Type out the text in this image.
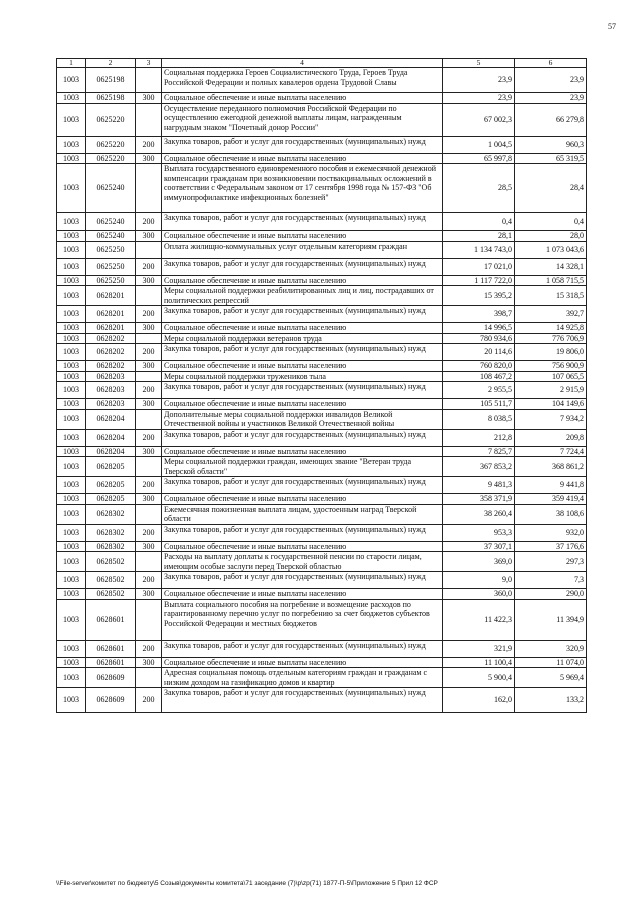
57
1	2	3	4	5	6
1003	0625198		Социальная поддержка Героев Социалистического Труда, Героев Труда Российской Федерации и полных кавалеров ордена Трудовой Славы	23,9	23,9
1003	0625198	300	Социальное обеспечение и иные выплаты населению	23,9	23,9
1003	0625220		Осуществление переданного полномочия Российской Федерации по осуществлению ежегодной денежной выплаты лицам, награжденным нагрудным знаком "Почетный донор России"	67 002,3	66 279,8
1003	0625220	200	Закупка товаров, работ и услуг для государственных (муниципальных) нужд	1 004,5	960,3
1003	0625220	300	Социальное обеспечение и иные выплаты населению	65 997,8	65 319,5
1003	0625240		Выплата государственного единовременного пособия и ежемесячной денежной компенсации гражданам при возникновении поствакцинальных осложнений в соответствии с Федеральным законом от 17 сентября 1998 года № 157-ФЗ "Об иммунопрофилактике инфекционных болезней"	28,5	28,4
1003	0625240	200	Закупка товаров, работ и услуг для государственных (муниципальных) нужд	0,4	0,4
1003	0625240	300	Социальное обеспечение и иные выплаты населению	28,1	28,0
1003	0625250		Оплата жилищно-коммунальных услуг отдельным категориям граждан	1 134 743,0	1 073 043,6
1003	0625250	200	Закупка товаров, работ и услуг для государственных (муниципальных) нужд	17 021,0	14 328,1
1003	0625250	300	Социальное обеспечение и иные выплаты населению	1 117 722,0	1 058 715,5
1003	0628201		Меры социальной поддержки реабилитированных лиц и лиц, пострадавших от политических репрессий	15 395,2	15 318,5
1003	0628201	200	Закупка товаров, работ и услуг для государственных (муниципальных) нужд	398,7	392,7
1003	0628201	300	Социальное обеспечение и иные выплаты населению	14 996,5	14 925,8
1003	0628202		Меры социальной поддержки ветеранов труда	780 934,6	776 706,9
1003	0628202	200	Закупка товаров, работ и услуг для государственных (муниципальных) нужд	20 114,6	19 806,0
1003	0628202	300	Социальное обеспечение и иные выплаты населению	760 820,0	756 900,9
1003	0628203		Меры социальной поддержки тружеников тыла	108 467,2	107 065,5
1003	0628203	200	Закупка товаров, работ и услуг для государственных (муниципальных) нужд	2 955,5	2 915,9
1003	0628203	300	Социальное обеспечение и иные выплаты населению	105 511,7	104 149,6
1003	0628204		Дополнительные меры социальной поддержки инвалидов Великой Отечественной войны и участников Великой Отечественной войны	8 038,5	7 934,2
1003	0628204	200	Закупка товаров, работ и услуг для государственных (муниципальных) нужд	212,8	209,8
1003	0628204	300	Социальное обеспечение и иные выплаты населению	7 825,7	7 724,4
1003	0628205		Меры социальной поддержки граждан, имеющих звание "Ветеран труда Тверской области"	367 853,2	368 861,2
1003	0628205	200	Закупка товаров, работ и услуг для государственных (муниципальных) нужд	9 481,3	9 441,8
1003	0628205	300	Социальное обеспечение и иные выплаты населению	358 371,9	359 419,4
1003	0628302		Ежемесячная пожизненная выплата лицам, удостоенным наград Тверской области	38 260,4	38 108,6
1003	0628302	200	Закупка товаров, работ и услуг для государственных (муниципальных) нужд	953,3	932,0
1003	0628302	300	Социальное обеспечение и иные выплаты населению	37 307,1	37 176,6
1003	0628502		Расходы на выплату доплаты к государственной пенсии по старости лицам, имеющим особые заслуги перед Тверской областью	369,0	297,3
1003	0628502	200	Закупка товаров, работ и услуг для государственных (муниципальных) нужд	9,0	7,3
1003	0628502	300	Социальное обеспечение и иные выплаты населению	360,0	290,0
1003	0628601		Выплата социального пособия на погребение и возмещение расходов по гарантированному перечню услуг по погребению за счет бюджетов субъектов Российской Федерации и местных бюджетов	11 422,3	11 394,9
1003	0628601	200	Закупка товаров, работ и услуг для государственных (муниципальных) нужд	321,9	320,9
1003	0628601	300	Социальное обеспечение и иные выплаты населению	11 100,4	11 074,0
1003	0628609		Адресная социальная помощь отдельным категориям граждан и гражданам с низким доходом на газификацию домов и квартир	5 900,4	5 969,4
1003	0628609	200	Закупка товаров, работ и услуг для государственных (муниципальных) нужд	162,0	133,2
\\File-server\комитет по бюджету\5 Созыв\документы комитета\71 заседание (7)\р\zp(71) 1877-П-5\Приложение 5 Прил 12 ФСР
